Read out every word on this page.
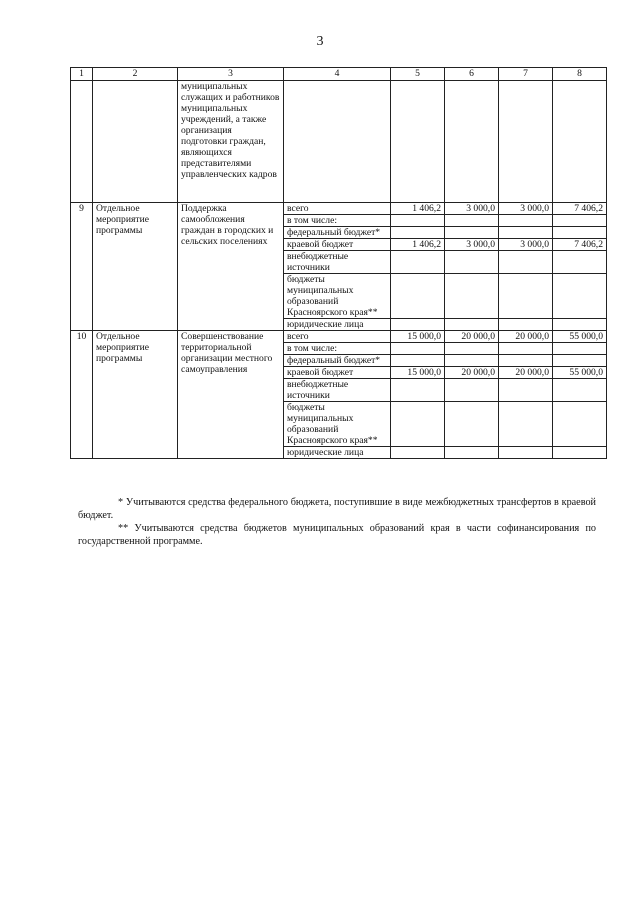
3
1	2	3	4	5	6	7	8
		муниципальных служащих и работников муниципальных учреждений, а также организация подготовки граждан, являющихся представителями управленческих кадров					
9	Отдельное мероприятие программы	Поддержка самообложения граждан в городских и сельских поселениях	всего	1 406,2	3 000,0	3 000,0	7 406,2
			в том числе:				
			федеральный бюджет*				
			краевой бюджет	1 406,2	3 000,0	3 000,0	7 406,2
			внебюджетные источники				
			бюджеты муниципальных образований Красноярского края**				
			юридические лица				
10	Отдельное мероприятие программы	Совершенствование территориальной организации местного самоуправления	всего	15 000,0	20 000,0	20 000,0	55 000,0
			в том числе:				
			федеральный бюджет*				
			краевой бюджет	15 000,0	20 000,0	20 000,0	55 000,0
			внебюджетные источники				
			бюджеты муниципальных образований Красноярского края**				
			юридические лица				

* Учитываются средства федерального бюджета, поступившие в виде межбюджетных трансфертов в краевой бюджет.

** Учитываются средства бюджетов муниципальных образований края в части софинансирования по государственной программе.
